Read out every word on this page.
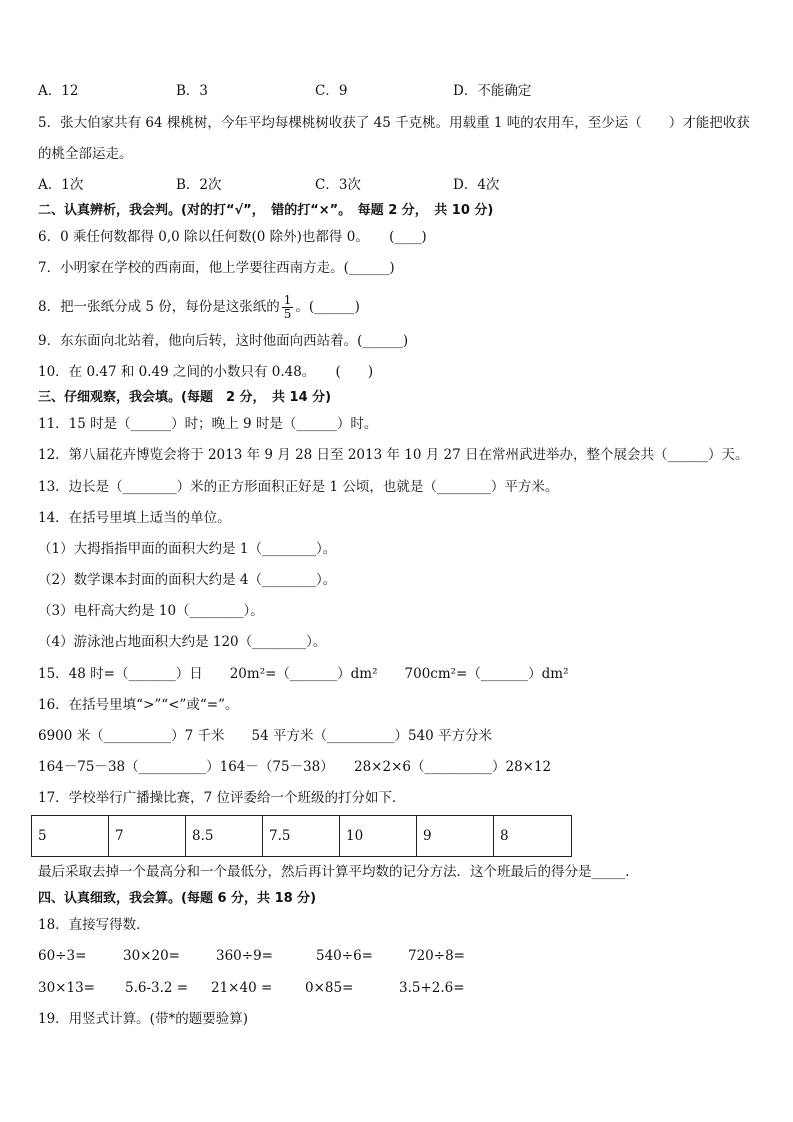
A．12	B．3	C．9	D．不能确定
5．张大伯家共有 64 棵桃树，今年平均每棵桃树收获了 45 千克桃。用载重 1 吨的农用车，至少运（　　）才能把收获
的桃全部运走。
A．1次	B．2次	C．3次	D．4次
二、认真辨析，我会判。(对的打“√”，　错的打“×”。　每题 2 分，　共 10 分)
6．0 乘任何数都得 0,0 除以任何数(0 除外)也都得 0。　　(____)
7．小明家在学校的西南面，他上学要往西南方走。(______)
8．把一张纸分成 5 份，每份是这张纸的 $\frac{1}{5}$ 。(______)
9．东东面向北站着，他向后转，这时他面向西站着。(______)
10．在 0.47 和 0.49 之间的小数只有 0.48。　　(　　)
三、仔细观察，我会填。(每题　2 分，　共 14 分)
11．15 时是（______）时；晚上 9 时是（______）时。
12．第八届花卉博览会将于 2013 年 9 月 28 日至 2013 年 10 月 27 日在常州武进举办，整个展会共（______）天。
13．边长是（________）米的正方形面积正好是 1 公顷，也就是（________）平方米。
14．在括号里填上适当的单位。
（1）大拇指指甲面的面积大约是 1（________）。
（2）数学课本封面的面积大约是 4（________）。
（3）电杆高大约是 10（________）。
（4）游泳池占地面积大约是 120（________）。
15．48 时=（_______）日　　20m²=（_______）dm²　　700cm²=（_______）dm²
16．在括号里填“>”“<”或“=”。
6900 米（__________）7 千米　　54 平方米（__________）540 平方分米
164－75－38（__________）164－（75－38）　　28×2×6（__________）28×12
17．学校举行广播操比赛，7 位评委给一个班级的打分如下．
5	7	8.5	7.5	10	9	8
最后采取去掉一个最高分和一个最低分，然后再计算平均数的记分方法．这个班最后的得分是_____．
四、认真细致，我会算。(每题 6 分，共 18 分)
18．直接写得数．
60÷3=	30×20=	360÷9=	540÷6=	720÷8=
30×13= 5.6-3.2 = 21×40 = 0×85=	3.5+2.6=
19．用竖式计算。(带*的题要验算)
